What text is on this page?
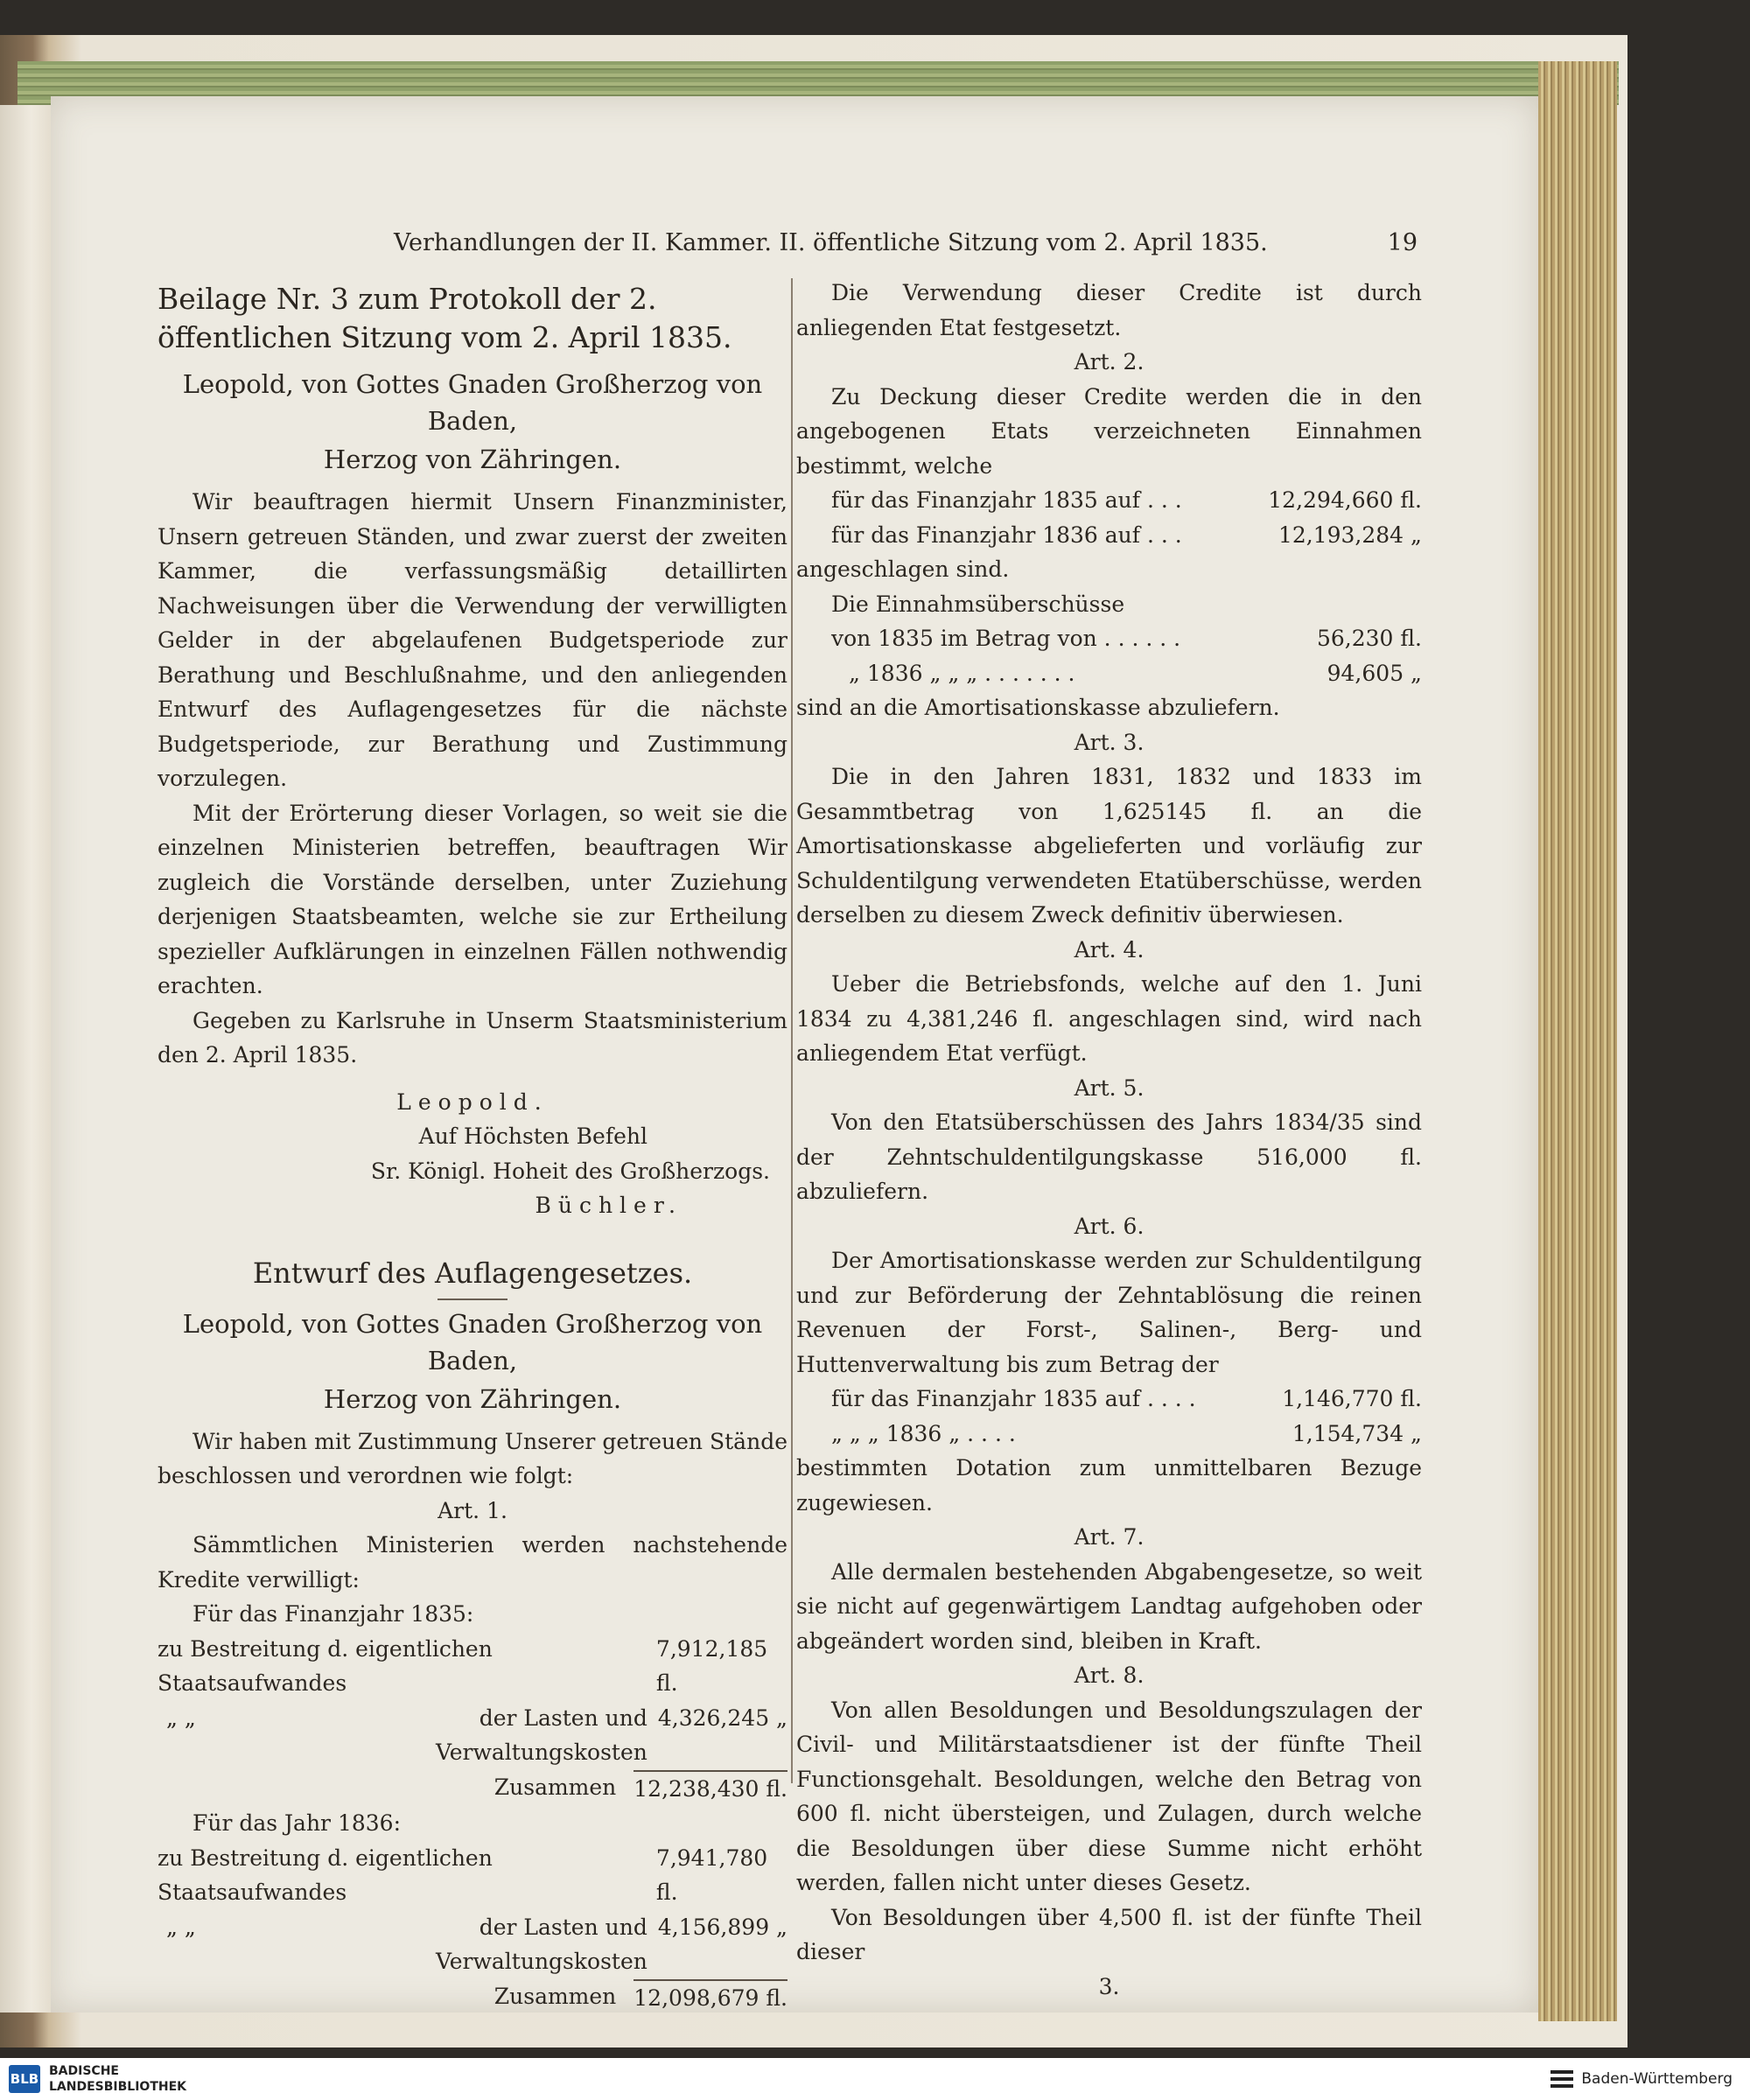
Verhandlungen der II. Kammer. II. öffentliche Sitzung vom 2. April 1835.	19

Beilage Nr. 3 zum Protokoll der 2. öffentlichen Sitzung vom 2. April 1835.

Leopold, von Gottes Gnaden Großherzog von Baden,

Herzog von Zähringen.

Wir beauftragen hiermit Unsern Finanzminister, Unsern getreuen Ständen, und zwar zuerst der zweiten Kammer, die verfassungsmäßig detaillirten Nachweisungen über die Verwendung der verwilligten Gelder in der abgelaufenen Budgetsperiode zur Berathung und Beschlußnahme, und den anliegenden Entwurf des Auflagengesetzes für die nächste Budgetsperiode, zur Berathung und Zustimmung vorzulegen.

Mit der Erörterung dieser Vorlagen, so weit sie die einzelnen Ministerien betreffen, beauftragen Wir zugleich die Vorstände derselben, unter Zuziehung derjenigen Staatsbeamten, welche sie zur Ertheilung spezieller Aufklärungen in einzelnen Fällen nothwendig erachten.

Gegeben zu Karlsruhe in Unserm Staatsministerium den 2. April 1835.

Leopold.

Auf Höchsten Befehl

Sr. Königl. Hoheit des Großherzogs.

Büchler.

Entwurf des Auflagengesetzes.

Leopold, von Gottes Gnaden Großherzog von Baden,

Herzog von Zähringen.

Wir haben mit Zustimmung Unserer getreuen Stände beschlossen und verordnen wie folgt:

Art. 1.

Sämmtlichen Ministerien werden nachstehende Kredite verwilligt:

Für das Finanzjahr 1835:

zu Bestreitung d. eigentlichen Staatsaufwandes
7,912,185 fl.
„ „	der Lasten und Verwaltungskosten
4,326,245 „
Zusammen 12,238,430 fl.

Für das Jahr 1836:

zu Bestreitung d. eigentlichen Staatsaufwandes
7,941,780 fl.
„ „	der Lasten und Verwaltungskosten
4,156,899 „
Zusammen 12,098,679 fl.

Die Verwendung dieser Credite ist durch anliegenden Etat festgesetzt.

Art. 2.

Zu Deckung dieser Credite werden die in den angebogenen Etats verzeichneten Einnahmen bestimmt, welche

für das Finanzjahr 1835 auf . . .	12,294,660 fl.
für das Finanzjahr 1836 auf . . .	12,193,284 „

angeschlagen sind.

Die Einnahmsüberschüsse

von 1835 im Betrag von . . . . . .	56,230 fl.
„ 1836 „ „ „ . . . . . . .	94,605 „

sind an die Amortisationskasse abzuliefern.

Art. 3.

Die in den Jahren 1831, 1832 und 1833 im Gesammtbetrag von 1,625145 fl. an die Amortisationskasse abgelieferten und vorläufig zur Schuldentilgung verwendeten Etatüberschüsse, werden derselben zu diesem Zweck definitiv überwiesen.

Art. 4.

Ueber die Betriebsfonds, welche auf den 1. Juni 1834 zu 4,381,246 fl. angeschlagen sind, wird nach anliegendem Etat verfügt.

Art. 5.

Von den Etatsüberschüssen des Jahrs 1834/35 sind der Zehntschuldentilgungskasse 516,000 fl. abzuliefern.

Art. 6.

Der Amortisationskasse werden zur Schuldentilgung und zur Beförderung der Zehntablösung die reinen Revenuen der Forst-, Salinen-, Berg- und Huttenverwaltung bis zum Betrag der

für das Finanzjahr 1835 auf . . . .	1,146,770 fl.
„ „ „ 1836 „ . . . .	1,154,734 „

bestimmten Dotation zum unmittelbaren Bezuge zugewiesen.

Art. 7.

Alle dermalen bestehenden Abgabengesetze, so weit sie nicht auf gegenwärtigem Landtag aufgehoben oder abgeändert worden sind, bleiben in Kraft.

Art. 8.

Von allen Besoldungen und Besoldungszulagen der Civil- und Militärstaatsdiener ist der fünfte Theil Functionsgehalt. Besoldungen, welche den Betrag von 600 fl. nicht übersteigen, und Zulagen, durch welche die Besoldungen über diese Summe nicht erhöht werden, fallen nicht unter dieses Gesetz.

Von Besoldungen über 4,500 fl. ist der fünfte Theil dieser

3.

BLB BADISCHE
LANDESBIBLIOTHEK	Baden-Württemberg
